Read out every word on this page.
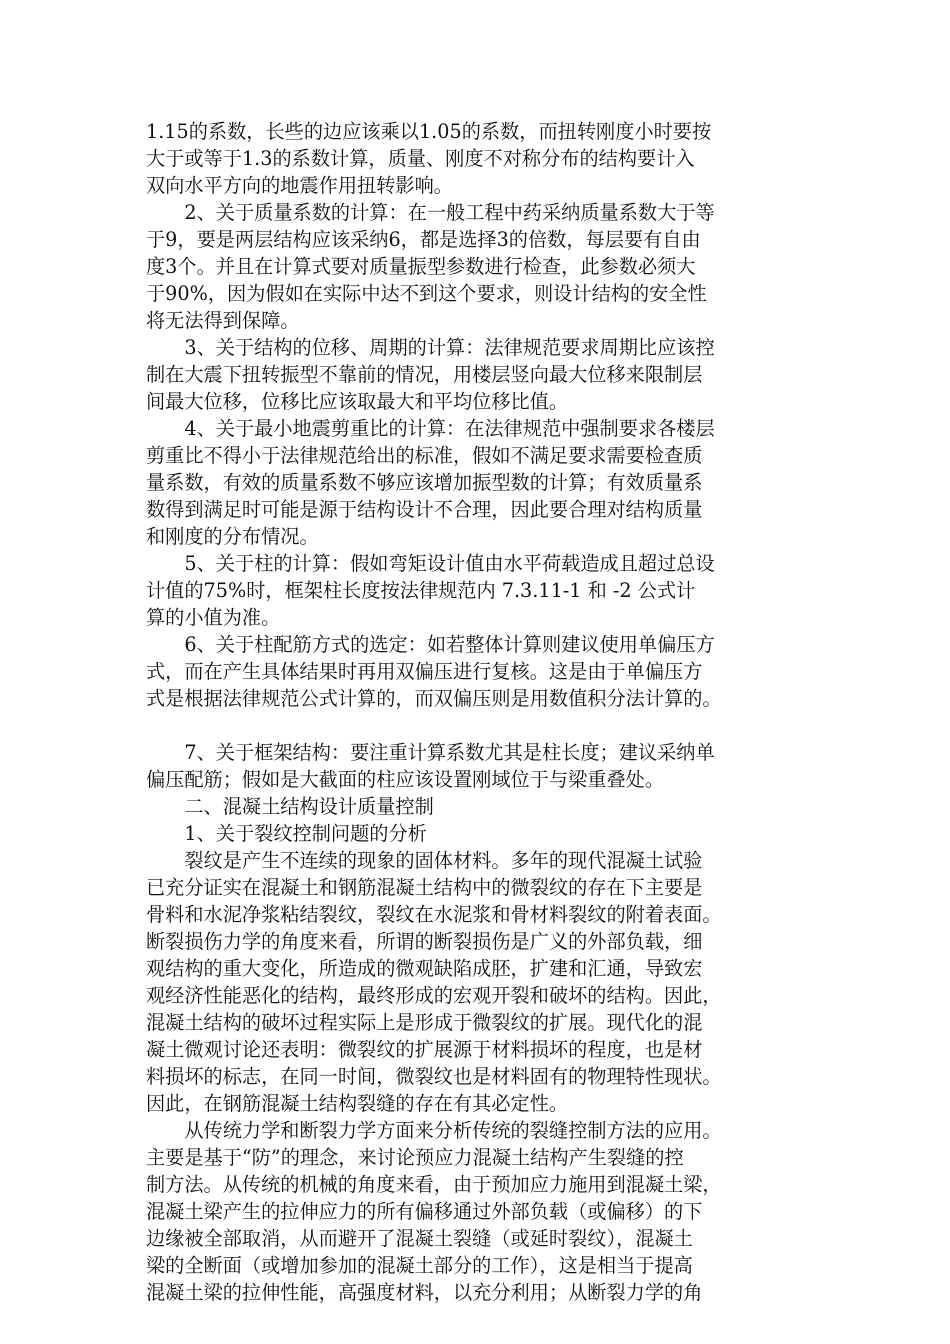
1.15的系数，长些的边应该乘以1.05的系数，而扭转刚度小时要按
大于或等于1.3的系数计算，质量、刚度不对称分布的结构要计入
双向水平方向的地震作用扭转影响。

　　2、关于质量系数的计算：在一般工程中药采纳质量系数大于等
于9，要是两层结构应该采纳6，都是选择3的倍数，每层要有自由
度3个。并且在计算式要对质量振型参数进行检查，此参数必须大
于90%，因为假如在实际中达不到这个要求，则设计结构的安全性
将无法得到保障。

　　3、关于结构的位移、周期的计算：法律规范要求周期比应该控
制在大震下扭转振型不靠前的情况，用楼层竖向最大位移来限制层
间最大位移，位移比应该取最大和平均位移比值。

　　4、关于最小地震剪重比的计算：在法律规范中强制要求各楼层
剪重比不得小于法律规范给出的标准，假如不满足要求需要检查质
量系数，有效的质量系数不够应该增加振型数的计算；有效质量系
数得到满足时可能是源于结构设计不合理，因此要合理对结构质量
和刚度的分布情况。

　　5、关于柱的计算：假如弯矩设计值由水平荷载造成且超过总设
计值的75%时，框架柱长度按法律规范内 7.3.11-1 和 -2 公式计
算的小值为准。

　　6、关于柱配筋方式的选定：如若整体计算则建议使用单偏压方
式，而在产生具体结果时再用双偏压进行复核。这是由于单偏压方
式是根据法律规范公式计算的，而双偏压则是用数值积分法计算的。

　　7、关于框架结构：要注重计算系数尤其是柱长度；建议采纳单
偏压配筋；假如是大截面的柱应该设置刚域位于与梁重叠处。

　　二、混凝土结构设计质量控制

　　1、关于裂纹控制问题的分析

　　裂纹是产生不连续的现象的固体材料。多年的现代混凝土试验
已充分证实在混凝土和钢筋混凝土结构中的微裂纹的存在下主要是
骨料和水泥净浆粘结裂纹，裂纹在水泥浆和骨材料裂纹的附着表面。
断裂损伤力学的角度来看，所谓的断裂损伤是广义的外部负载，细
观结构的重大变化，所造成的微观缺陷成胚，扩建和汇通，导致宏
观经济性能恶化的结构，最终形成的宏观开裂和破坏的结构。因此，
混凝土结构的破坏过程实际上是形成于微裂纹的扩展。现代化的混
凝土微观讨论还表明：微裂纹的扩展源于材料损坏的程度，也是材
料损坏的标志，在同一时间，微裂纹也是材料固有的物理特性现状。
因此，在钢筋混凝土结构裂缝的存在有其必定性。

　　从传统力学和断裂力学方面来分析传统的裂缝控制方法的应用。
主要是基于“防”的理念，来讨论预应力混凝土结构产生裂缝的控
制方法。从传统的机械的角度来看，由于预加应力施用到混凝土梁，
混凝土梁产生的拉伸应力的所有偏移通过外部负载（或偏移）的下
边缘被全部取消，从而避开了混凝土裂缝（或延时裂纹），混凝土
梁的全断面（或增加参加的混凝土部分的工作），这是相当于提高
混凝土梁的拉伸性能，高强度材料，以充分利用；从断裂力学的角
